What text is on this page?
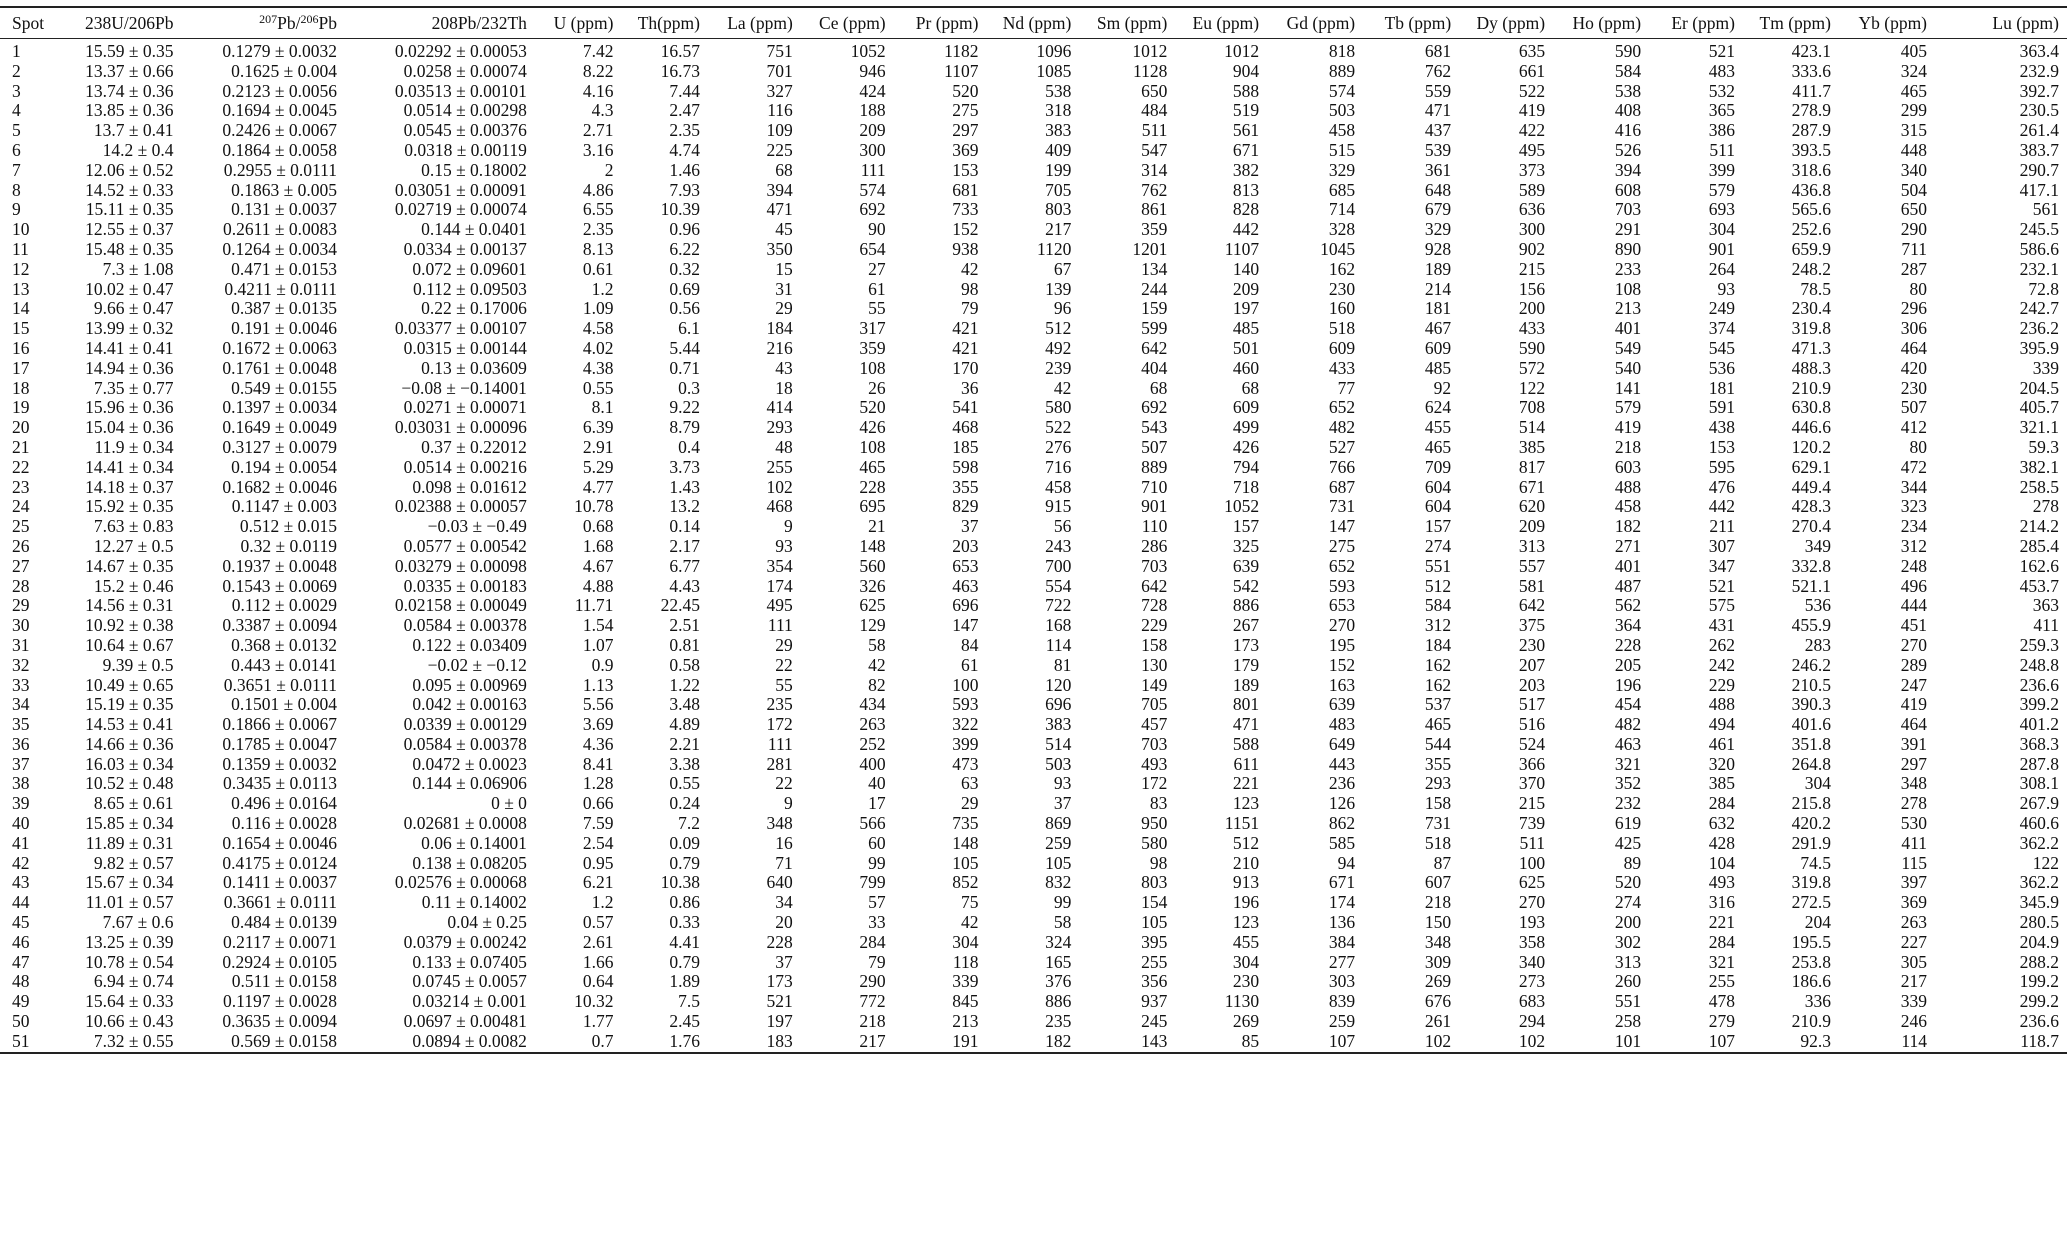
Spot	238U/206Pb	$^{207}$Pb/$^{206}$Pb	208Pb/232Th	U (ppm)	Th(ppm)	La (ppm)	Ce (ppm)	Pr (ppm)	Nd (ppm)	Sm (ppm)	Eu (ppm)	Gd (ppm)	Tb (ppm)	Dy (ppm)	Ho (ppm)	Er (ppm)	Tm (ppm)	Yb (ppm)	Lu (ppm)
1	15.59 ± 0.35	0.1279 ± 0.0032	0.02292 ± 0.00053	7.42	16.57	751	1052	1182	1096	1012	1012	818	681	635	590	521	423.1	405	363.4
2	13.37 ± 0.66	0.1625 ± 0.004	0.0258 ± 0.00074	8.22	16.73	701	946	1107	1085	1128	904	889	762	661	584	483	333.6	324	232.9
3	13.74 ± 0.36	0.2123 ± 0.0056	0.03513 ± 0.00101	4.16	7.44	327	424	520	538	650	588	574	559	522	538	532	411.7	465	392.7
4	13.85 ± 0.36	0.1694 ± 0.0045	0.0514 ± 0.00298	4.3	2.47	116	188	275	318	484	519	503	471	419	408	365	278.9	299	230.5
5	13.7 ± 0.41	0.2426 ± 0.0067	0.0545 ± 0.00376	2.71	2.35	109	209	297	383	511	561	458	437	422	416	386	287.9	315	261.4
6	14.2 ± 0.4	0.1864 ± 0.0058	0.0318 ± 0.00119	3.16	4.74	225	300	369	409	547	671	515	539	495	526	511	393.5	448	383.7
7	12.06 ± 0.52	0.2955 ± 0.0111	0.15 ± 0.18002	2	1.46	68	111	153	199	314	382	329	361	373	394	399	318.6	340	290.7
8	14.52 ± 0.33	0.1863 ± 0.005	0.03051 ± 0.00091	4.86	7.93	394	574	681	705	762	813	685	648	589	608	579	436.8	504	417.1
9	15.11 ± 0.35	0.131 ± 0.0037	0.02719 ± 0.00074	6.55	10.39	471	692	733	803	861	828	714	679	636	703	693	565.6	650	561
10	12.55 ± 0.37	0.2611 ± 0.0083	0.144 ± 0.0401	2.35	0.96	45	90	152	217	359	442	328	329	300	291	304	252.6	290	245.5
11	15.48 ± 0.35	0.1264 ± 0.0034	0.0334 ± 0.00137	8.13	6.22	350	654	938	1120	1201	1107	1045	928	902	890	901	659.9	711	586.6
12	7.3 ± 1.08	0.471 ± 0.0153	0.072 ± 0.09601	0.61	0.32	15	27	42	67	134	140	162	189	215	233	264	248.2	287	232.1
13	10.02 ± 0.47	0.4211 ± 0.0111	0.112 ± 0.09503	1.2	0.69	31	61	98	139	244	209	230	214	156	108	93	78.5	80	72.8
14	9.66 ± 0.47	0.387 ± 0.0135	0.22 ± 0.17006	1.09	0.56	29	55	79	96	159	197	160	181	200	213	249	230.4	296	242.7
15	13.99 ± 0.32	0.191 ± 0.0046	0.03377 ± 0.00107	4.58	6.1	184	317	421	512	599	485	518	467	433	401	374	319.8	306	236.2
16	14.41 ± 0.41	0.1672 ± 0.0063	0.0315 ± 0.00144	4.02	5.44	216	359	421	492	642	501	609	609	590	549	545	471.3	464	395.9
17	14.94 ± 0.36	0.1761 ± 0.0048	0.13 ± 0.03609	4.38	0.71	43	108	170	239	404	460	433	485	572	540	536	488.3	420	339
18	7.35 ± 0.77	0.549 ± 0.0155	−0.08 ± −0.14001	0.55	0.3	18	26	36	42	68	68	77	92	122	141	181	210.9	230	204.5
19	15.96 ± 0.36	0.1397 ± 0.0034	0.0271 ± 0.00071	8.1	9.22	414	520	541	580	692	609	652	624	708	579	591	630.8	507	405.7
20	15.04 ± 0.36	0.1649 ± 0.0049	0.03031 ± 0.00096	6.39	8.79	293	426	468	522	543	499	482	455	514	419	438	446.6	412	321.1
21	11.9 ± 0.34	0.3127 ± 0.0079	0.37 ± 0.22012	2.91	0.4	48	108	185	276	507	426	527	465	385	218	153	120.2	80	59.3
22	14.41 ± 0.34	0.194 ± 0.0054	0.0514 ± 0.00216	5.29	3.73	255	465	598	716	889	794	766	709	817	603	595	629.1	472	382.1
23	14.18 ± 0.37	0.1682 ± 0.0046	0.098 ± 0.01612	4.77	1.43	102	228	355	458	710	718	687	604	671	488	476	449.4	344	258.5
24	15.92 ± 0.35	0.1147 ± 0.003	0.02388 ± 0.00057	10.78	13.2	468	695	829	915	901	1052	731	604	620	458	442	428.3	323	278
25	7.63 ± 0.83	0.512 ± 0.015	−0.03 ± −0.49	0.68	0.14	9	21	37	56	110	157	147	157	209	182	211	270.4	234	214.2
26	12.27 ± 0.5	0.32 ± 0.0119	0.0577 ± 0.00542	1.68	2.17	93	148	203	243	286	325	275	274	313	271	307	349	312	285.4
27	14.67 ± 0.35	0.1937 ± 0.0048	0.03279 ± 0.00098	4.67	6.77	354	560	653	700	703	639	652	551	557	401	347	332.8	248	162.6
28	15.2 ± 0.46	0.1543 ± 0.0069	0.0335 ± 0.00183	4.88	4.43	174	326	463	554	642	542	593	512	581	487	521	521.1	496	453.7
29	14.56 ± 0.31	0.112 ± 0.0029	0.02158 ± 0.00049	11.71	22.45	495	625	696	722	728	886	653	584	642	562	575	536	444	363
30	10.92 ± 0.38	0.3387 ± 0.0094	0.0584 ± 0.00378	1.54	2.51	111	129	147	168	229	267	270	312	375	364	431	455.9	451	411
31	10.64 ± 0.67	0.368 ± 0.0132	0.122 ± 0.03409	1.07	0.81	29	58	84	114	158	173	195	184	230	228	262	283	270	259.3
32	9.39 ± 0.5	0.443 ± 0.0141	−0.02 ± −0.12	0.9	0.58	22	42	61	81	130	179	152	162	207	205	242	246.2	289	248.8
33	10.49 ± 0.65	0.3651 ± 0.0111	0.095 ± 0.00969	1.13	1.22	55	82	100	120	149	189	163	162	203	196	229	210.5	247	236.6
34	15.19 ± 0.35	0.1501 ± 0.004	0.042 ± 0.00163	5.56	3.48	235	434	593	696	705	801	639	537	517	454	488	390.3	419	399.2
35	14.53 ± 0.41	0.1866 ± 0.0067	0.0339 ± 0.00129	3.69	4.89	172	263	322	383	457	471	483	465	516	482	494	401.6	464	401.2
36	14.66 ± 0.36	0.1785 ± 0.0047	0.0584 ± 0.00378	4.36	2.21	111	252	399	514	703	588	649	544	524	463	461	351.8	391	368.3
37	16.03 ± 0.34	0.1359 ± 0.0032	0.0472 ± 0.0023	8.41	3.38	281	400	473	503	493	611	443	355	366	321	320	264.8	297	287.8
38	10.52 ± 0.48	0.3435 ± 0.0113	0.144 ± 0.06906	1.28	0.55	22	40	63	93	172	221	236	293	370	352	385	304	348	308.1
39	8.65 ± 0.61	0.496 ± 0.0164	0 ± 0	0.66	0.24	9	17	29	37	83	123	126	158	215	232	284	215.8	278	267.9
40	15.85 ± 0.34	0.116 ± 0.0028	0.02681 ± 0.0008	7.59	7.2	348	566	735	869	950	1151	862	731	739	619	632	420.2	530	460.6
41	11.89 ± 0.31	0.1654 ± 0.0046	0.06 ± 0.14001	2.54	0.09	16	60	148	259	580	512	585	518	511	425	428	291.9	411	362.2
42	9.82 ± 0.57	0.4175 ± 0.0124	0.138 ± 0.08205	0.95	0.79	71	99	105	105	98	210	94	87	100	89	104	74.5	115	122
43	15.67 ± 0.34	0.1411 ± 0.0037	0.02576 ± 0.00068	6.21	10.38	640	799	852	832	803	913	671	607	625	520	493	319.8	397	362.2
44	11.01 ± 0.57	0.3661 ± 0.0111	0.11 ± 0.14002	1.2	0.86	34	57	75	99	154	196	174	218	270	274	316	272.5	369	345.9
45	7.67 ± 0.6	0.484 ± 0.0139	0.04 ± 0.25	0.57	0.33	20	33	42	58	105	123	136	150	193	200	221	204	263	280.5
46	13.25 ± 0.39	0.2117 ± 0.0071	0.0379 ± 0.00242	2.61	4.41	228	284	304	324	395	455	384	348	358	302	284	195.5	227	204.9
47	10.78 ± 0.54	0.2924 ± 0.0105	0.133 ± 0.07405	1.66	0.79	37	79	118	165	255	304	277	309	340	313	321	253.8	305	288.2
48	6.94 ± 0.74	0.511 ± 0.0158	0.0745 ± 0.0057	0.64	1.89	173	290	339	376	356	230	303	269	273	260	255	186.6	217	199.2
49	15.64 ± 0.33	0.1197 ± 0.0028	0.03214 ± 0.001	10.32	7.5	521	772	845	886	937	1130	839	676	683	551	478	336	339	299.2
50	10.66 ± 0.43	0.3635 ± 0.0094	0.0697 ± 0.00481	1.77	2.45	197	218	213	235	245	269	259	261	294	258	279	210.9	246	236.6
51	7.32 ± 0.55	0.569 ± 0.0158	0.0894 ± 0.0082	0.7	1.76	183	217	191	182	143	85	107	102	102	101	107	92.3	114	118.7
